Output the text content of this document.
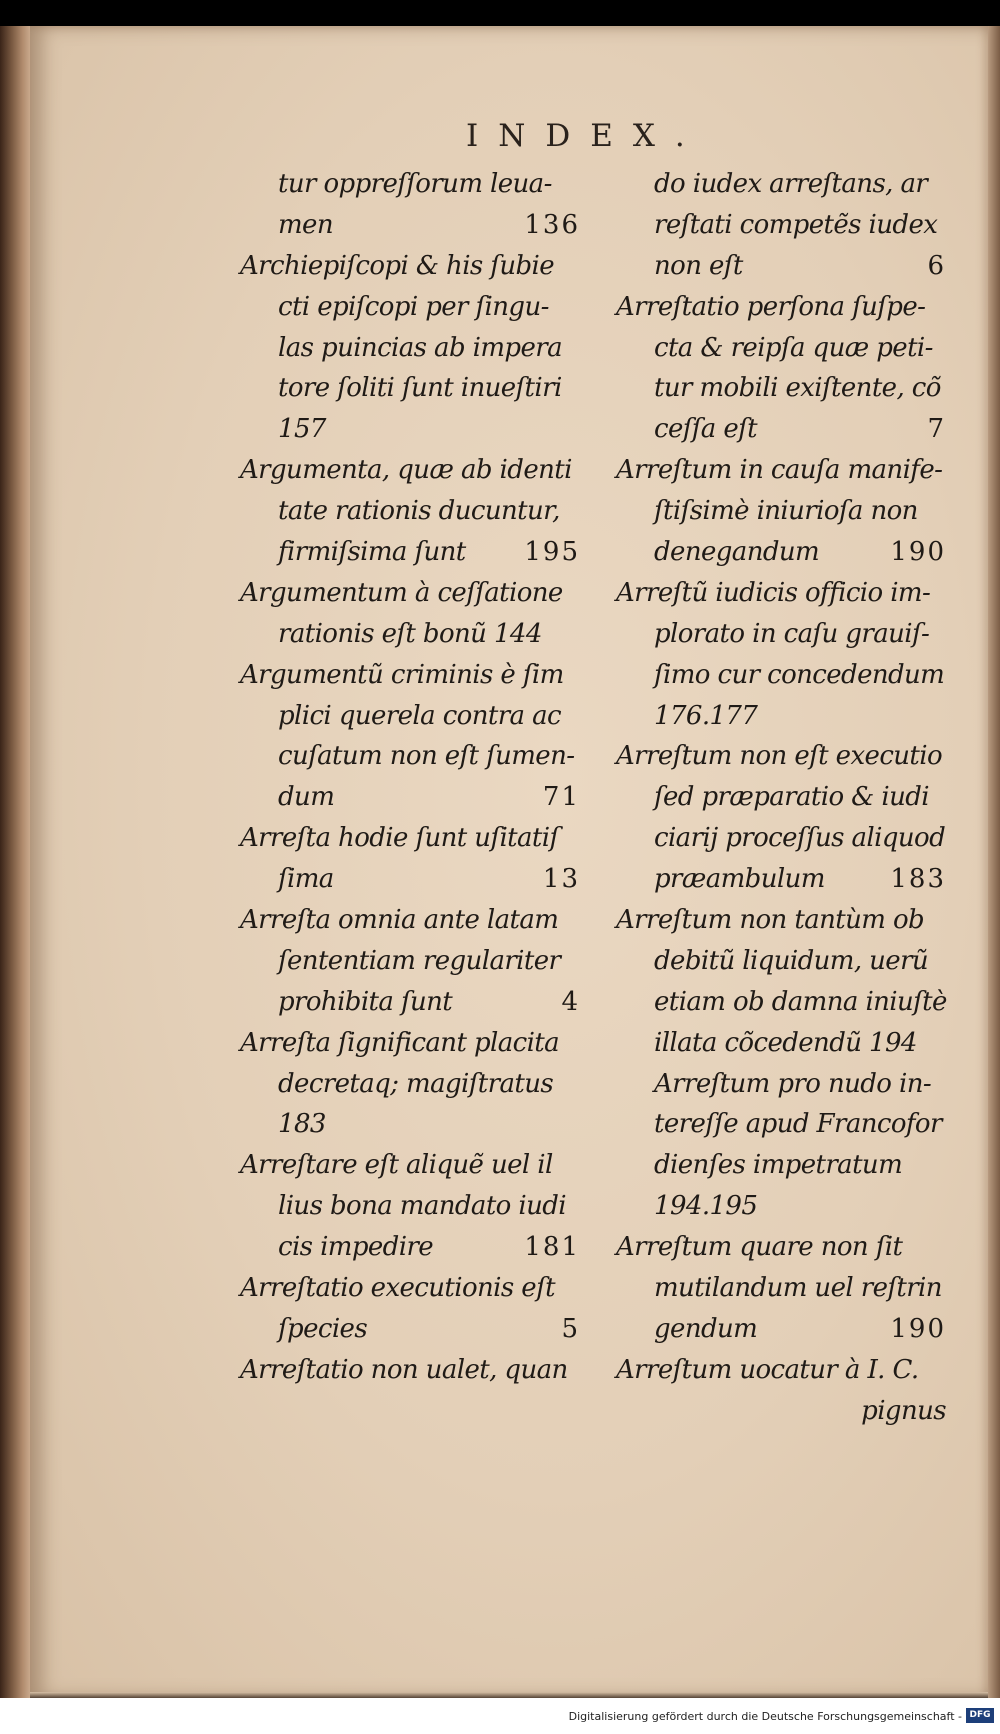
INDEX.
tur oppreſſorum leua-
men	136
Archiepiſcopi & his ſubie
cti epiſcopi per ſingu-
las puincias ab impera
tore ſoliti ſunt inueſtiri
157
Argumenta, quæ ab identi
tate rationis ducuntur,
firmiſsima ſunt 195
Argumentum à ceſſatione
rationis eſt bonũ 144
Argumentũ criminis è ſim
plici querela contra ac
cuſatum non eſt ſumen-
dum	71
Arreſta hodie ſunt uſitatiſ
ſima	13
Arreſta omnia ante latam
ſententiam regulariter
prohibita ſunt	4
Arreſta ſignificant placita
decretaq; magiſtratus
183
Arreſtare eſt aliquẽ uel il
lius bona mandato iudi
cis impedire	181
Arreſtatio executionis eſt
ſpecies	5
Arreſtatio non ualet, quan
do iudex arreſtans, ar
reſtati competẽs iudex
non eſt	6
Arreſtatio perſona ſuſpe-
cta & reipſa quæ peti-
tur mobili exiſtente, cõ
ceſſa eſt	7
Arreſtum in cauſa manife-
ſtiſsimè iniurioſa non
denegandum	190
Arreſtũ iudicis officio im-
plorato in caſu grauiſ-
ſimo cur concedendum
176.177
Arreſtum non eſt executio
ſed præparatio & iudi
ciarij proceſſus aliquod
præambulum	183
Arreſtum non tantùm ob
debitũ liquidum, uerũ
etiam ob damna iniuſtè
illata cõcedendũ 194
Arreſtum pro nudo in-
tereſſe apud Francofor
dienſes impetratum
194.195
Arreſtum quare non ſit
mutilandum uel reſtrin
gendum	190
Arreſtum uocatur à I. C.
pignus
Digitalisierung gefördert durch die Deutsche Forschungsgemeinschaft - DFG
